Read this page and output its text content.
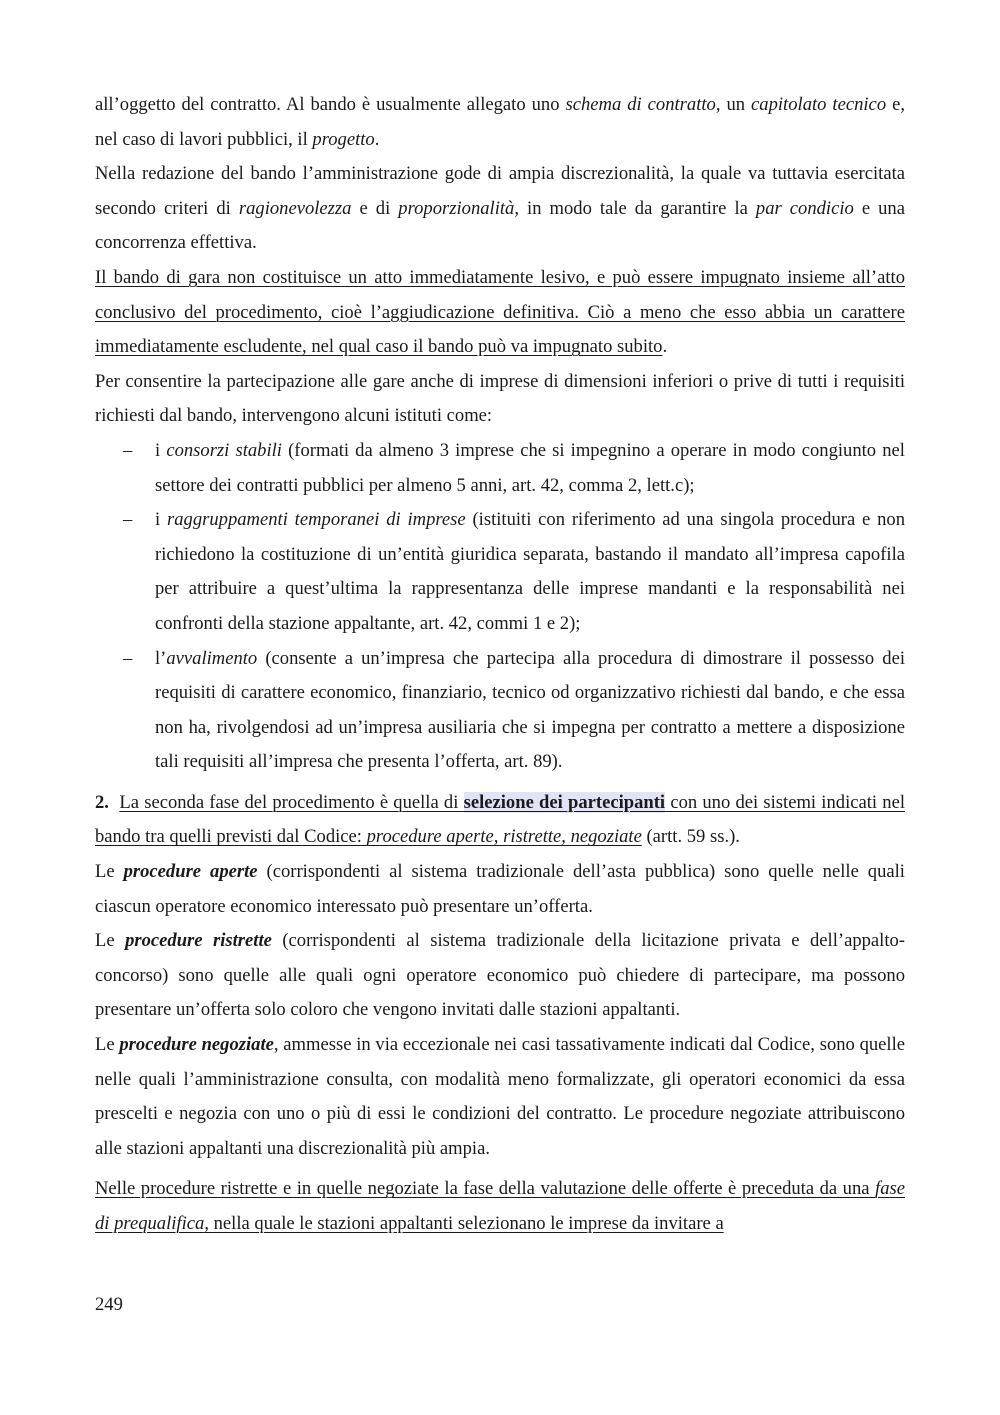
all’oggetto del contratto. Al bando è usualmente allegato uno schema di contratto, un capitolato tecnico e, nel caso di lavori pubblici, il progetto.

Nella redazione del bando l’amministrazione gode di ampia discrezionalità, la quale va tuttavia esercitata secondo criteri di ragionevolezza e di proporzionalità, in modo tale da garantire la par condicio e una concorrenza effettiva.

Il bando di gara non costituisce un atto immediatamente lesivo, e può essere impugnato insieme all’atto conclusivo del procedimento, cioè l’aggiudicazione definitiva. Ciò a meno che esso abbia un carattere immediatamente escludente, nel qual caso il bando può va impugnato subito.

Per consentire la partecipazione alle gare anche di imprese di dimensioni inferiori o prive di tutti i requisiti richiesti dal bando, intervengono alcuni istituti come:

– i consorzi stabili (formati da almeno 3 imprese che si impegnino a operare in modo congiunto nel settore dei contratti pubblici per almeno 5 anni, art. 42, comma 2, lett.c);
– i raggruppamenti temporanei di imprese (istituiti con riferimento ad una singola procedura e non richiedono la costituzione di un’entità giuridica separata, bastando il mandato all’impresa capofila per attribuire a quest’ultima la rappresentanza delle imprese mandanti e la responsabilità nei confronti della stazione appaltante, art. 42, commi 1 e 2);
– l’avvalimento (consente a un’impresa che partecipa alla procedura di dimostrare il possesso dei requisiti di carattere economico, finanziario, tecnico od organizzativo richiesti dal bando, e che essa non ha, rivolgendosi ad un’impresa ausiliaria che si impegna per contratto a mettere a disposizione tali requisiti all’impresa che presenta l’offerta, art. 89).

2. La seconda fase del procedimento è quella di selezione dei partecipanti con uno dei sistemi indicati nel bando tra quelli previsti dal Codice: procedure aperte, ristrette, negoziate (artt. 59 ss.).

Le procedure aperte (corrispondenti al sistema tradizionale dell’asta pubblica) sono quelle nelle quali ciascun operatore economico interessato può presentare un’offerta.

Le procedure ristrette (corrispondenti al sistema tradizionale della licitazione privata e dell’appalto-concorso) sono quelle alle quali ogni operatore economico può chiedere di partecipare, ma possono presentare un’offerta solo coloro che vengono invitati dalle stazioni appaltanti.

Le procedure negoziate, ammesse in via eccezionale nei casi tassativamente indicati dal Codice, sono quelle nelle quali l’amministrazione consulta, con modalità meno formalizzate, gli operatori economici da essa prescelti e negozia con uno o più di essi le condizioni del contratto. Le procedure negoziate attribuiscono alle stazioni appaltanti una discrezionalità più ampia.

Nelle procedure ristrette e in quelle negoziate la fase della valutazione delle offerte è preceduta da una fase di prequalifica, nella quale le stazioni appaltanti selezionano le imprese da invitare a

249
